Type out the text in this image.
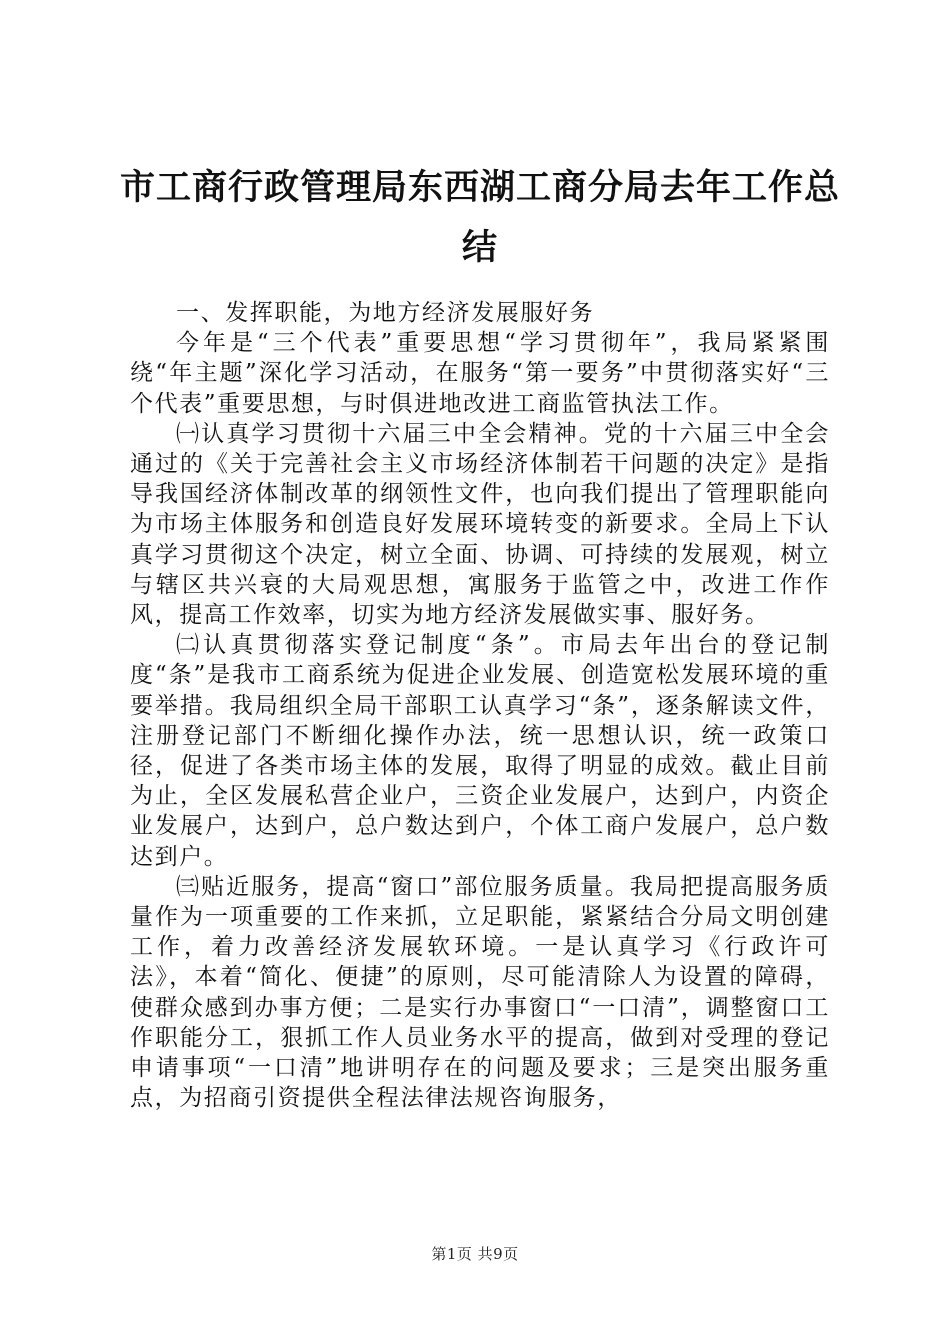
市工商行政管理局东西湖工商分局去年工作总结

一、发挥职能，为地方经济发展服好务

今年是“三个代表”重要思想“学习贯彻年”，我局紧紧围绕“年主题”深化学习活动，在服务“第一要务”中贯彻落实好“三个代表”重要思想，与时俱进地改进工商监管执法工作。

㈠认真学习贯彻十六届三中全会精神。党的十六届三中全会通过的《关于完善社会主义市场经济体制若干问题的决定》是指导我国经济体制改革的纲领性文件，也向我们提出了管理职能向为市场主体服务和创造良好发展环境转变的新要求。全局上下认真学习贯彻这个决定，树立全面、协调、可持续的发展观，树立与辖区共兴衰的大局观思想，寓服务于监管之中，改进工作作风，提高工作效率，切实为地方经济发展做实事、服好务。

㈡认真贯彻落实登记制度“条”。市局去年出台的登记制度“条”是我市工商系统为促进企业发展、创造宽松发展环境的重要举措。我局组织全局干部职工认真学习“条”，逐条解读文件，注册登记部门不断细化操作办法，统一思想认识，统一政策口径，促进了各类市场主体的发展，取得了明显的成效。截止目前为止，全区发展私营企业户，三资企业发展户，达到户，内资企业发展户，达到户，总户数达到户，个体工商户发展户，总户数达到户。

㈢贴近服务，提高“窗口”部位服务质量。我局把提高服务质量作为一项重要的工作来抓，立足职能，紧紧结合分局文明创建工作，着力改善经济发展软环境。一是认真学习《行政许可法》，本着“简化、便捷”的原则，尽可能清除人为设置的障碍，使群众感到办事方便；二是实行办事窗口“一口清”，调整窗口工作职能分工，狠抓工作人员业务水平的提高，做到对受理的登记申请事项“一口清”地讲明存在的问题及要求；三是突出服务重点，为招商引资提供全程法律法规咨询服务，

第1页 共9页
